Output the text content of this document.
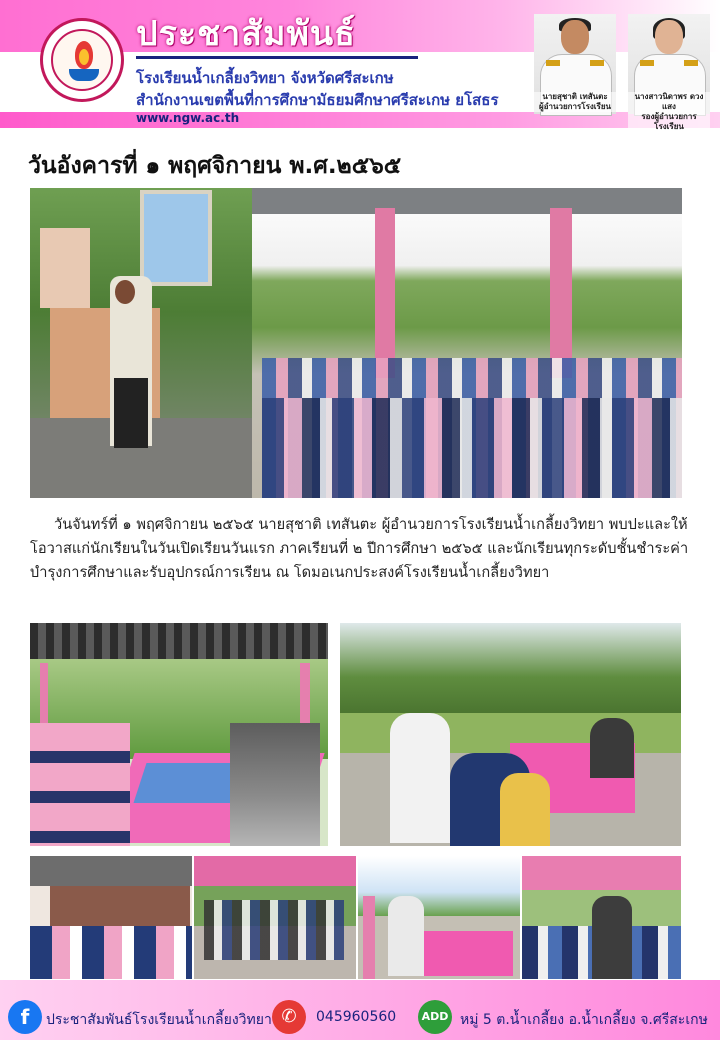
ประชาสัมพันธ์
โรงเรียนน้ำเกลี้ยงวิทยา จังหวัดศรีสะเกษ
สำนักงานเขตพื้นที่การศึกษามัธยมศึกษาศรีสะเกษ ยโสธร
www.ngw.ac.th
นายสุชาติ เทสันตะ
ผู้อำนวยการโรงเรียน
นางสาวนิดาพร ดวงแสง
รองผู้อำนวยการโรงเรียน
วันอังคารที่ ๑ พฤศจิกายน พ.ศ.๒๕๖๕
วันจันทร์ที่ ๑ พฤศจิกายน ๒๕๖๕ นายสุชาติ เทสันตะ ผู้อำนวยการโรงเรียนน้ำเกลี้ยงวิทยา พบปะและให้โอวาสแก่นักเรียนในวันเปิดเรียนวันแรก ภาคเรียนที่ ๒ ปีการศึกษา ๒๕๖๕ และนักเรียนทุกระดับชั้นชำระค่าบำรุงการศึกษาและรับอุปกรณ์การเรียน ณ โดมอเนกประสงค์โรงเรียนน้ำเกลี้ยงวิทยา
f	ประชาสัมพันธ์โรงเรียนน้ำเกลี้ยงวิทยา ✆	045960560	ADD หมู่ 5 ต.น้ำเกลี้ยง อ.น้ำเกลี้ยง จ.ศรีสะเกษ
